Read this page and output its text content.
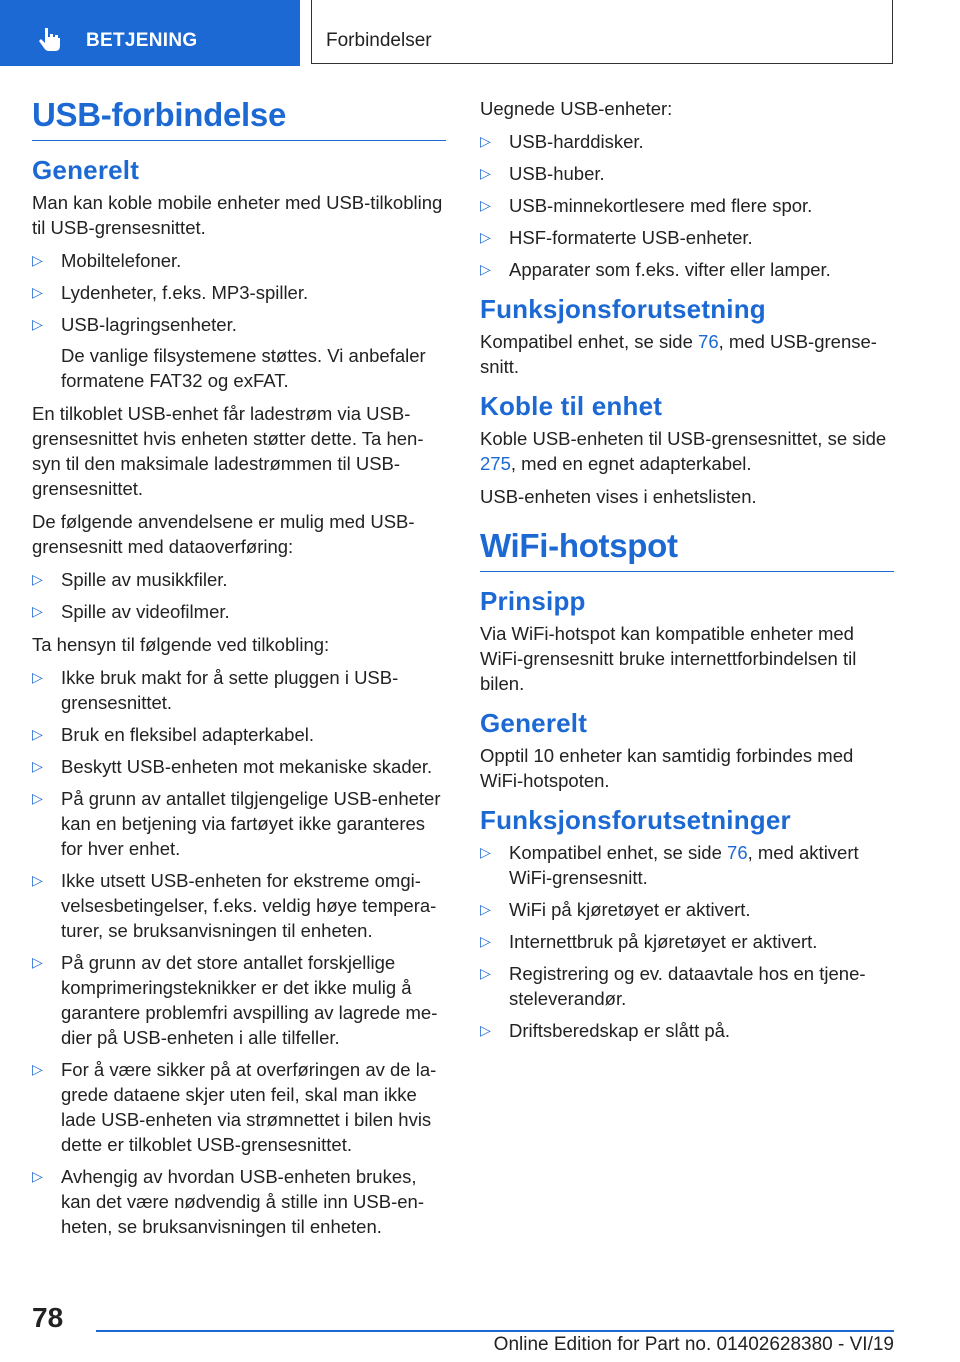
BETJENING	Forbindelser
USB-forbindelse
Generelt

Man kan koble mobile enheter med USB-tilkobling til USB-grensesnittet.

▷ Mobiltelefoner.
▷ Lydenheter, f.eks. MP3-spiller.
▷ USB-lagringsenheter.
De vanlige filsystemene støttes. Vi anbefaler formatene FAT32 og exFAT.

En tilkoblet USB-enhet får ladestrøm via USB-grensesnittet hvis enheten støtter dette. Ta hensyn til den maksimale ladestrømmen til USB-grensesnittet.

De følgende anvendelsene er mulig med USB-grensesnitt med dataoverføring:

▷ Spille av musikkfiler.
▷ Spille av videofilmer.

Ta hensyn til følgende ved tilkobling:

▷ Ikke bruk makt for å sette pluggen i USB-grensesnittet.
▷ Bruk en fleksibel adapterkabel.
▷ Beskytt USB-enheten mot mekaniske skader.
▷ På grunn av antallet tilgjengelige USB-enheter kan en betjening via fartøyet ikke garanteres for hver enhet.
▷ Ikke utsett USB-enheten for ekstreme omgivelsesbetingelser, f.eks. veldig høye temperaturer, se bruksanvisningen til enheten.
▷ På grunn av det store antallet forskjellige komprimeringsteknikker er det ikke mulig å garantere problemfri avspilling av lagrede medier på USB-enheten i alle tilfeller.
▷ For å være sikker på at overføringen av de lagrede dataene skjer uten feil, skal man ikke lade USB-enheten via strømnettet i bilen hvis dette er tilkoblet USB-grensesnittet.
▷ Avhengig av hvordan USB-enheten brukes, kan det være nødvendig å stille inn USB-enheten, se bruksanvisningen til enheten.

Uegnede USB-enheter:

▷ USB-harddisker.
▷ USB-huber.
▷ USB-minnekortlesere med flere spor.
▷ HSF-formaterte USB-enheter.
▷ Apparater som f.eks. vifter eller lamper.
Funksjonsforutsetning

Kompatibel enhet, se side 76, med USB-grensesnitt.

Koble til enhet

Koble USB-enheten til USB-grensesnittet, se side 275, med en egnet adapterkabel.

USB-enheten vises i enhetslisten.

WiFi-hotspot
Prinsipp

Via WiFi-hotspot kan kompatible enheter med WiFi-grensesnitt bruke internettforbindelsen til bilen.

Generelt

Opptil 10 enheter kan samtidig forbindes med WiFi-hotspoten.

Funksjonsforutsetninger
▷ Kompatibel enhet, se side 76, med aktivert WiFi-grensesnitt.
▷ WiFi på kjøretøyet er aktivert.
▷ Internettbruk på kjøretøyet er aktivert.
▷ Registrering og ev. dataavtale hos en tjenesteleverandør.
▷ Driftsberedskap er slått på.
78
Online Edition for Part no. 01402628380 - VI/19
